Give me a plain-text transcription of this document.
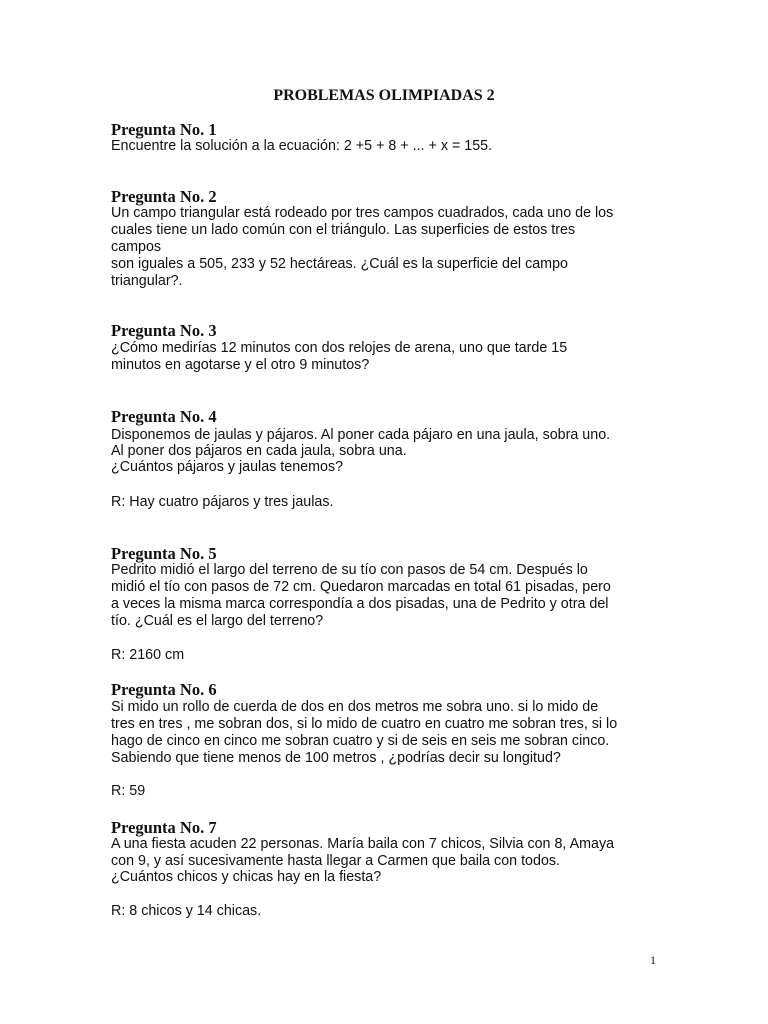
PROBLEMAS OLIMPIADAS 2
Pregunta No. 1
Encuentre la solución a la ecuación: 2 +5 + 8 + ... + x = 155.
Pregunta No. 2
Un campo triangular está rodeado por tres campos cuadrados, cada uno de los
cuales tiene un lado común con el triángulo. Las superficies de estos tres
campos
son iguales a 505, 233 y 52 hectáreas. ¿Cuál es la superficie del campo
triangular?.
Pregunta No. 3
¿Cómo medirías 12 minutos con dos relojes de arena, uno que tarde 15
minutos en agotarse y el otro 9 minutos?
Pregunta No. 4
Disponemos de jaulas y pájaros. Al poner cada pájaro en una jaula, sobra uno.
Al poner dos pájaros en cada jaula, sobra una.
¿Cuántos pájaros y jaulas tenemos?
R: Hay cuatro pájaros y tres jaulas.
Pregunta No. 5
Pedrito midió el largo del terreno de su tío con pasos de 54 cm. Después lo
midió el tío con pasos de 72 cm. Quedaron marcadas en total 61 pisadas, pero
a veces la misma marca correspondía a dos pisadas, una de Pedrito y otra del
tío. ¿Cuál es el largo del terreno?
R: 2160 cm
Pregunta No. 6
Si mido un rollo de cuerda de dos en dos metros me sobra uno. si lo mido de
tres en tres , me sobran dos, si lo mido de cuatro en cuatro me sobran tres, si lo
hago de cinco en cinco me sobran cuatro y si de seis en seis me sobran cinco.
Sabiendo que tiene menos de 100 metros , ¿podrías decir su longitud?
R: 59
Pregunta No. 7
A una fiesta acuden 22 personas. María baila con 7 chicos, Silvia con 8, Amaya
con 9, y así sucesivamente hasta llegar a Carmen que baila con todos.
¿Cuántos chicos y chicas hay en la fiesta?
R: 8 chicos y 14 chicas.
1
